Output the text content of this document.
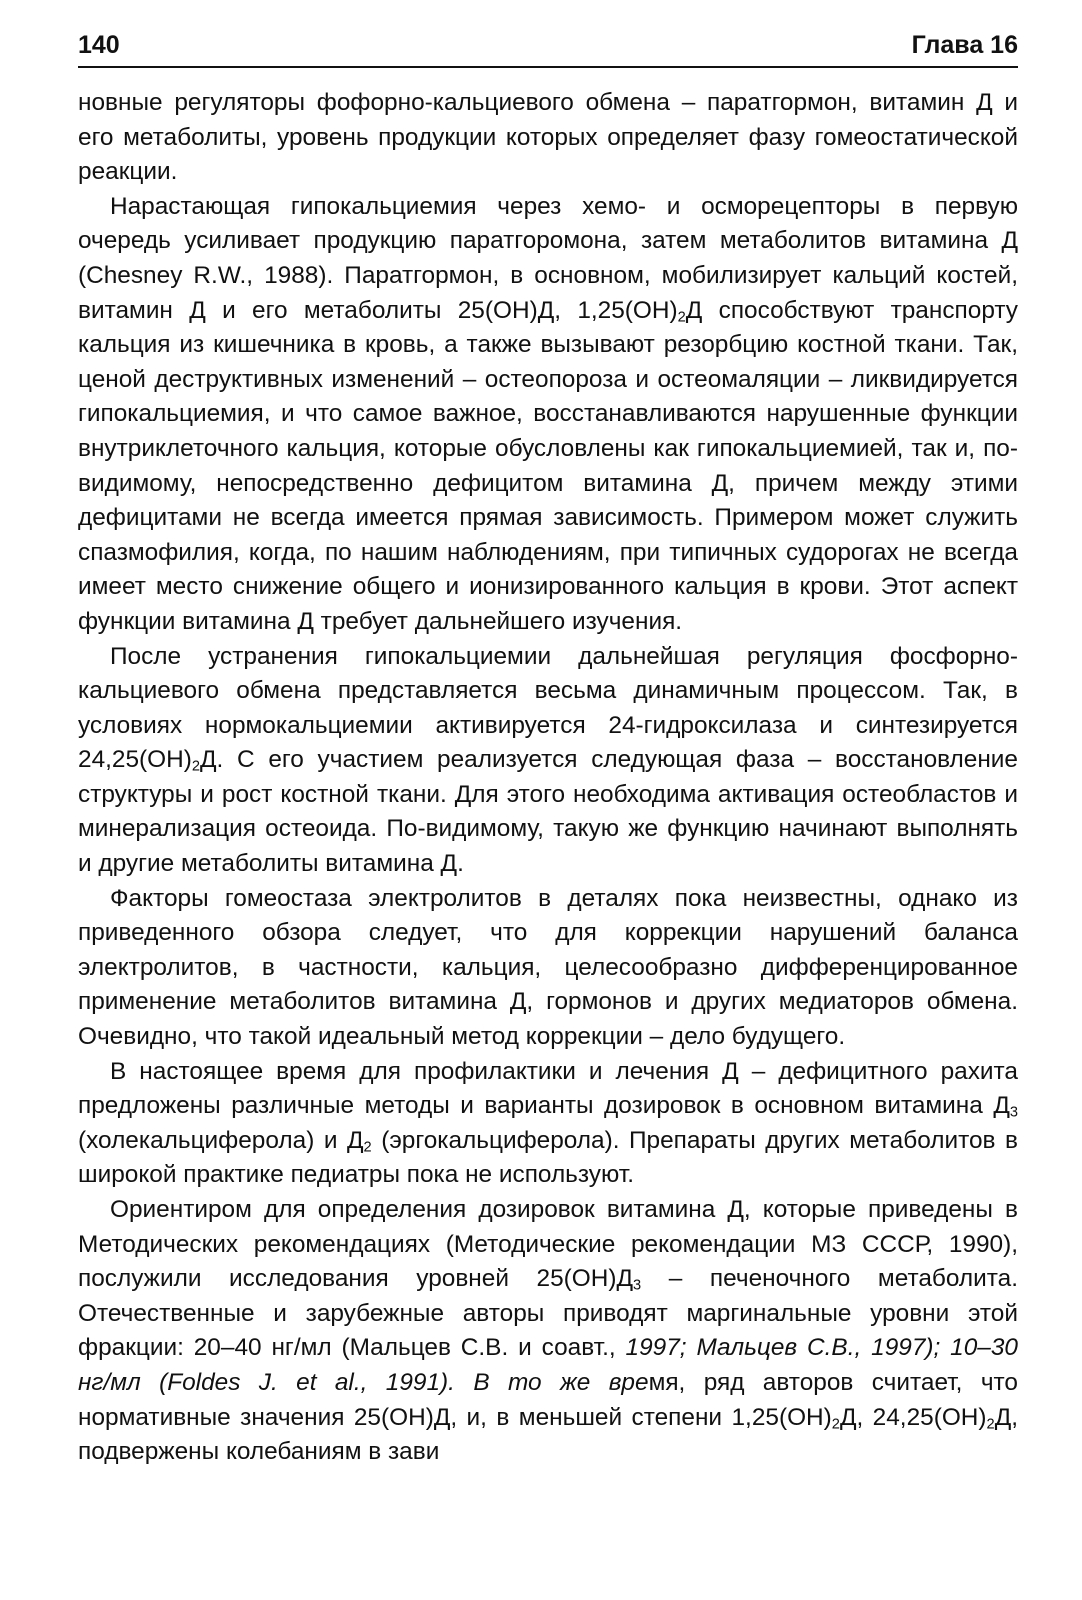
140	Глава 16

новные регуляторы фофорно-кальциевого обмена – паратгормон, витамин Д и его метаболиты, уровень продукции которых определяет фазу гомеостатической реакции.

Нарастающая гипокальциемия через хемо- и осморецепторы в первую очередь усиливает продукцию паратгоромона, затем метаболитов витамина Д (Chesney R.W., 1988). Паратгормон, в основном, мобилизирует кальций костей, витамин Д и его метаболиты 25(ОН)Д, $1,25(ОН)_2Д$ способствуют транспорту кальция из кишечника в кровь, а также вызывают резорбцию костной ткани. Так, ценой деструктивных изменений – остеопороза и остеомаляции – ликвидируется гипокальциемия, и что самое важное, восстанавливаются нарушенные функции внутриклеточного кальция, которые обусловлены как гипокальциемией, так и, по-видимому, непосредственно дефицитом витамина Д, причем между этими дефицитами не всегда имеется прямая зависимость. Примером может служить спазмофилия, когда, по нашим наблюдениям, при типичных судорогах не всегда имеет место снижение общего и ионизированного кальция в крови. Этот аспект функции витамина Д требует дальнейшего изучения.

После устранения гипокальциемии дальнейшая регуляция фосфорно-кальциевого обмена представляется весьма динамичным процессом. Так, в условиях нормокальциемии активируется 24-гидроксилаза и синтезируется $24,25(ОН)_2Д$. С его участием реализуется следующая фаза – восстановление структуры и рост костной ткани. Для этого необходима активация остеобластов и минерализация остеоида. По-видимому, такую же функцию начинают выполнять и другие метаболиты витамина Д.

Факторы гомеостаза электролитов в деталях пока неизвестны, однако из приведенного обзора следует, что для коррекции нарушений баланса электролитов, в частности, кальция, целесообразно дифференцированное применение метаболитов витамина Д, гормонов и других медиаторов обмена. Очевидно, что такой идеальный метод коррекции – дело будущего.

В настоящее время для профилактики и лечения Д – дефицитного рахита предложены различные методы и варианты дозировок в основном витамина $Д_3$ (холекальциферола) и $Д_2$ (эргокальциферола). Препараты других метаболитов в широкой практике педиатры пока не используют.

Ориентиром для определения дозировок витамина Д, которые приведены в Методических рекомендациях (Методические рекомендации МЗ СССР, 1990), послужили исследования уровней $25(ОН)Д_3$ – печеночного метаболита. Отечественные и зарубежные авторы приводят маргинальные уровни этой фракции: 20–40 нг/мл (Мальцев С.В. и соавт., 1997; Мальцев С.В., 1997); 10–30 нг/мл (Foldes J. et al., 1991). В то же время, ряд авторов считает, что нормативные значения 25(ОН)Д, и, в меньшей степени $1,25(ОН)_2Д$, $24,25(ОН)_2Д$, подвержены колебаниям в зави
